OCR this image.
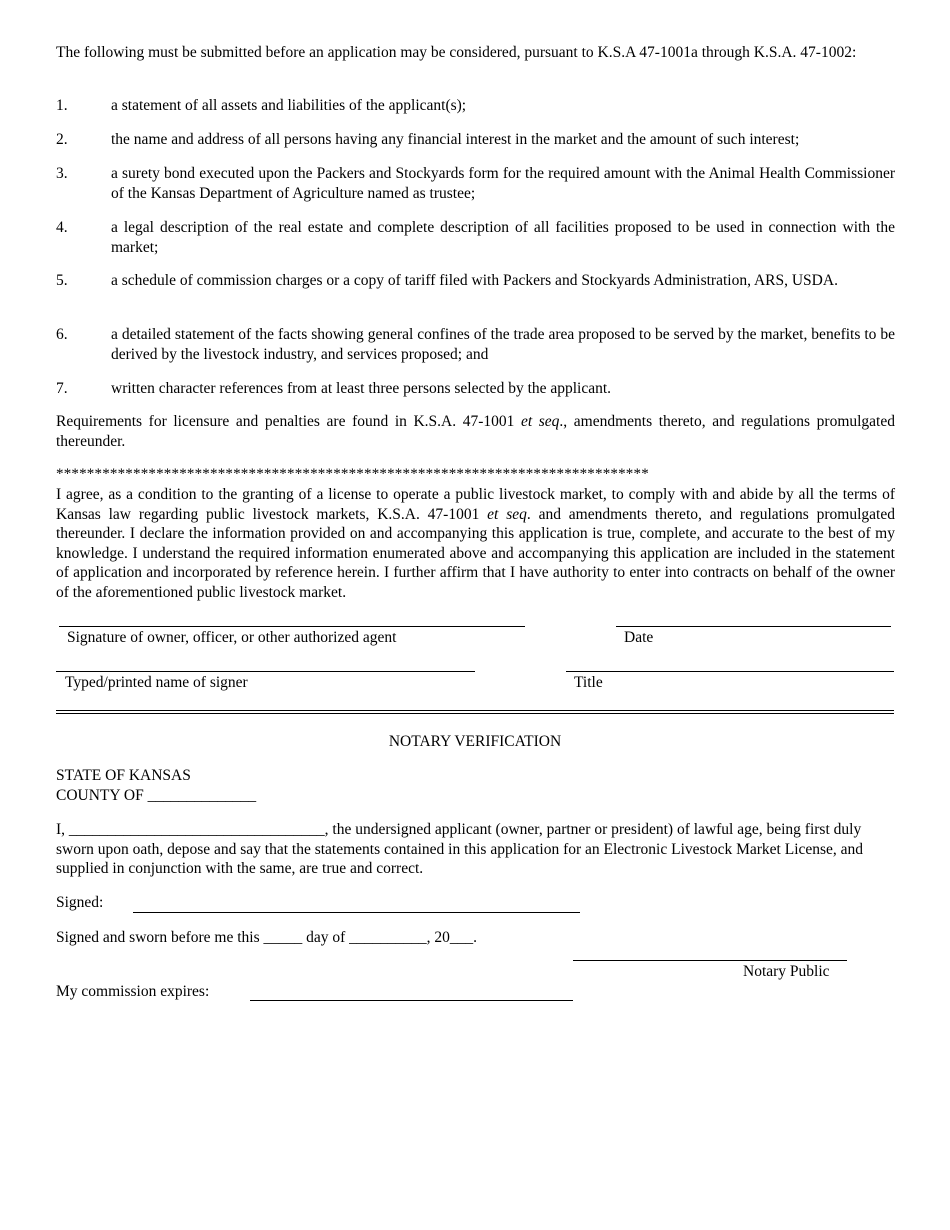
The following must be submitted before an application may be considered, pursuant to K.S.A 47-1001a through K.S.A. 47-1002:
1.	a statement of all assets and liabilities of the applicant(s);
2.	the name and address of all persons having any financial interest in the market and the amount of such interest;
3.	a surety bond executed upon the Packers and Stockyards form for the required amount with the Animal Health Commissioner of the Kansas Department of Agriculture named as trustee;
4.	a legal description of the real estate and complete description of all facilities proposed to be used in connection with the market;
5.	a schedule of commission charges or a copy of tariff filed with Packers and Stockyards Administration, ARS, USDA.
6.	a detailed statement of the facts showing general confines of the trade area proposed to be served by the market, benefits to be derived by the livestock industry, and services proposed; and
7.	written character references from at least three persons selected by the applicant.
Requirements for licensure and penalties are found in K.S.A. 47-1001 et seq., amendments thereto, and regulations promulgated thereunder.
*****************************************************************************
I agree, as a condition to the granting of a license to operate a public livestock market, to comply with and abide by all the terms of Kansas law regarding public livestock markets, K.S.A. 47-1001 et seq. and amendments thereto, and regulations promulgated thereunder. I declare the information provided on and accompanying this application is true, complete, and accurate to the best of my knowledge. I understand the required information enumerated above and accompanying this application are included in the statement of application and incorporated by reference herein. I further affirm that I have authority to enter into contracts on behalf of the owner of the aforementioned public livestock market.
Signature of owner, officer, or other authorized agent	Date
Typed/printed name of signer	Title
NOTARY VERIFICATION
STATE OF KANSAS
COUNTY OF ______________
I, _________________________________, the undersigned applicant (owner, partner or president) of lawful age, being first duly sworn upon oath, depose and say that the statements contained in this application for an Electronic Livestock Market License, and supplied in conjunction with the same, are true and correct.
Signed:
Signed and sworn before me this _____ day of __________, 20___.
Notary Public
My commission expires:
